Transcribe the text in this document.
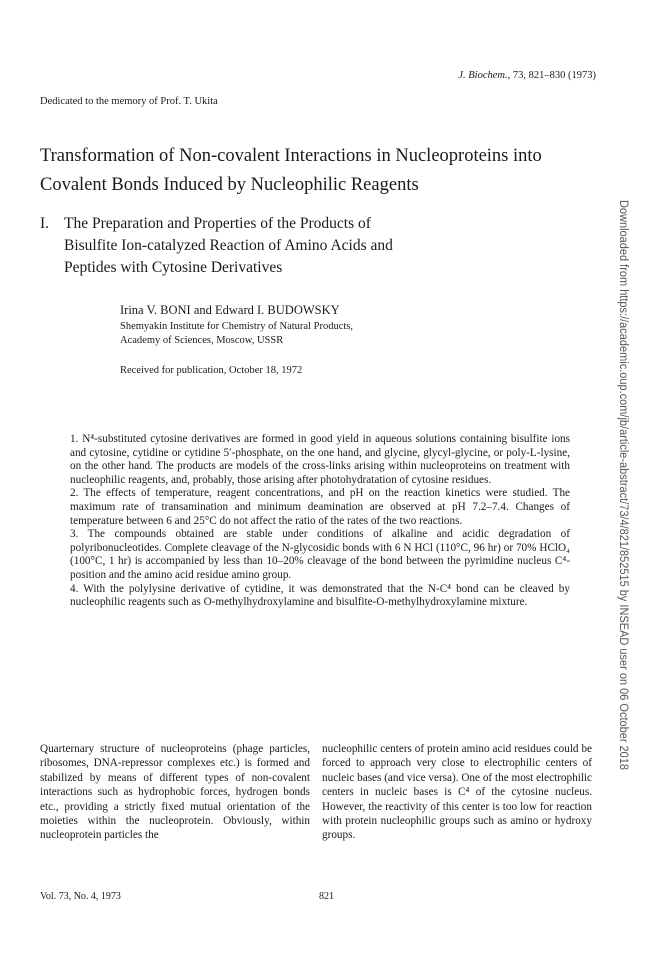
J. Biochem., 73, 821–830 (1973)
Dedicated to the memory of Prof. T. Ukita
Transformation of Non-covalent Interactions in Nucleoproteins into
Covalent Bonds Induced by Nucleophilic Reagents
I. The Preparation and Properties of the Products of
Bisulfite Ion-catalyzed Reaction of Amino Acids and
Peptides with Cytosine Derivatives
Irina V. BONI and Edward I. BUDOWSKY
Shemyakin Institute for Chemistry of Natural Products,
Academy of Sciences, Moscow, USSR
Received for publication, October 18, 1972

1. N⁴-substituted cytosine derivatives are formed in good yield in aqueous solutions containing bisulfite ions and cytosine, cytidine or cytidine 5′-phosphate, on the one hand, and glycine, glycyl-glycine, or poly-L-lysine, on the other hand. The products are models of the cross-links arising within nucleoproteins on treatment with nucleophilic reagents, and, probably, those arising after photohydratation of cytosine residues.

2. The effects of temperature, reagent concentrations, and pH on the reaction kinetics were studied. The maximum rate of transamination and minimum deamination are observed at pH 7.2–7.4. Changes of temperature between 6 and 25°C do not affect the ratio of the rates of the two reactions.

3. The compounds obtained are stable under conditions of alkaline and acidic degradation of polyribonucleotides. Complete cleavage of the N-glycosidic bonds with 6 N HCl (110°C, 96 hr) or 70% HClO₄ (100°C, 1 hr) is accompanied by less than 10–20% cleavage of the bond between the pyrimidine nucleus C⁴-position and the amino acid residue amino group.

4. With the polylysine derivative of cytidine, it was demonstrated that the N-C⁴ bond can be cleaved by nucleophilic reagents such as O-methylhydroxylamine and bisulfite-O-methylhydroxylamine mixture.

Quarternary structure of nucleoproteins (phage particles, ribosomes, DNA-repressor complexes etc.) is formed and stabilized by means of different types of non-covalent interactions such as hydrophobic forces, hydrogen bonds etc., providing a strictly fixed mutual orientation of the moieties within the nucleoprotein. Obviously, within nucleoprotein particles the

nucleophilic centers of protein amino acid residues could be forced to approach very close to electrophilic centers of nucleic bases (and vice versa). One of the most electrophilic centers in nucleic bases is C⁴ of the cytosine nucleus. However, the reactivity of this center is too low for reaction with protein nucleophilic groups such as amino or hydroxy groups.

Vol. 73, No. 4, 1973	821
Downloaded from https://academic.oup.com/jb/article-abstract/73/4/821/852515 by INSEAD user on 06 October 2018
